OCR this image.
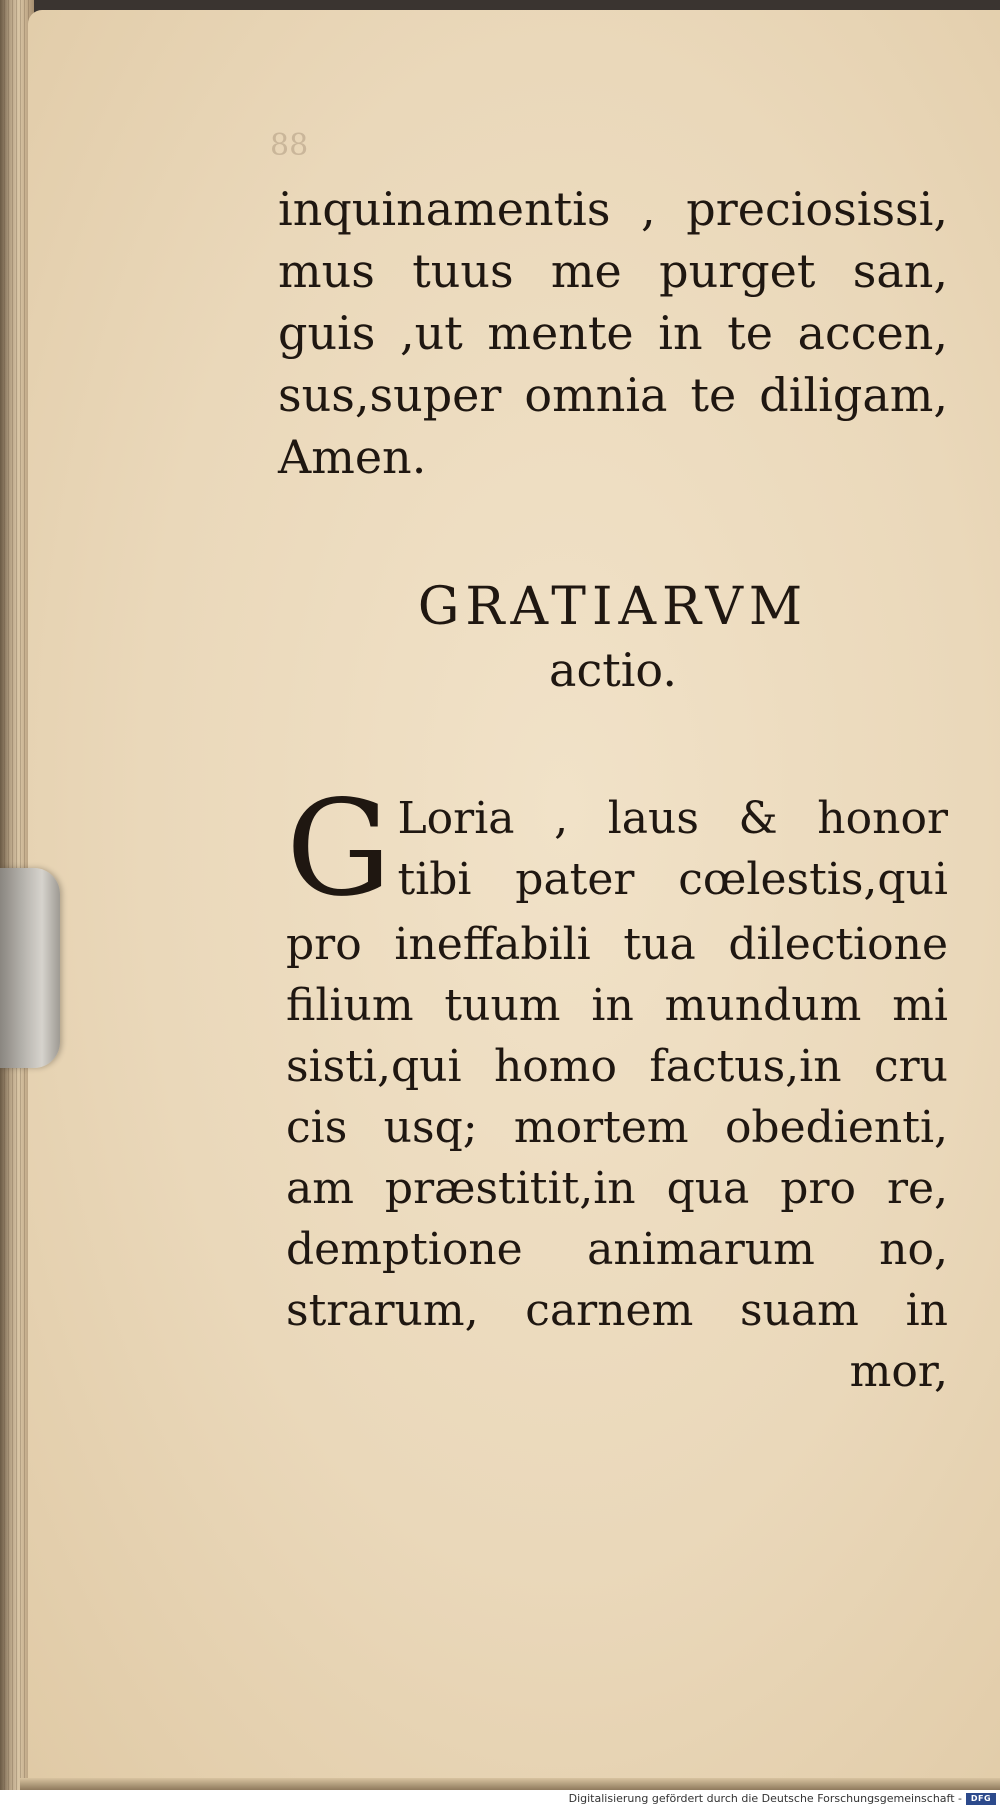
88
inquinamentis , preciosissi,
mus tuus me purget san,
guis ,ut mente in te accen,
sus,super omnia te diligam,
Amen.
GRATIARVM
actio.
G Loria , laus & honor
tibi pater cœlestis,qui
pro ineffabili tua dilectione
filium tuum in mundum mi
sisti,qui homo factus,in cru
cis usq; mortem obedienti,
am præstitit,in qua pro re,
demptione animarum no,
strarum, carnem suam in
mor,
Digitalisierung gefördert durch die Deutsche Forschungsgemeinschaft -	DFG
